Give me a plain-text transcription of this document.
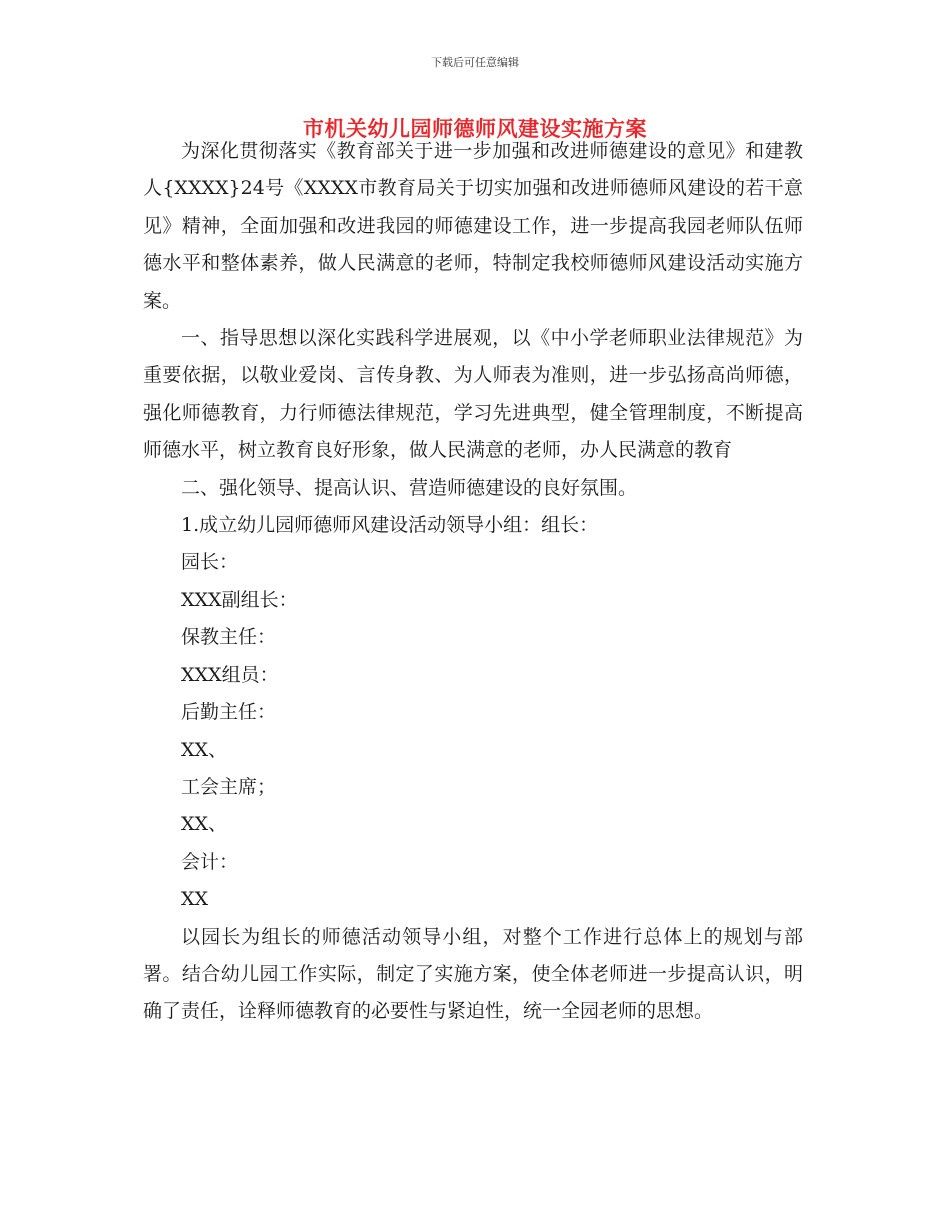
下载后可任意编辑
市机关幼儿园师德师风建设实施方案

为深化贯彻落实《教育部关于进一步加强和改进师德建设的意见》和建教人{XXXX}24号《XXXX市教育局关于切实加强和改进师德师风建设的若干意见》精神，全面加强和改进我园的师德建设工作，进一步提高我园老师队伍师德水平和整体素养，做人民满意的老师，特制定我校师德师风建设活动实施方案。

一、指导思想以深化实践科学进展观，以《中小学老师职业法律规范》为重要依据，以敬业爱岗、言传身教、为人师表为准则，进一步弘扬高尚师德，强化师德教育，力行师德法律规范，学习先进典型，健全管理制度，不断提高师德水平，树立教育良好形象，做人民满意的老师，办人民满意的教育

二、强化领导、提高认识、营造师德建设的良好氛围。

1.成立幼儿园师德师风建设活动领导小组：组长：

园长：

XXX副组长：

保教主任：

XXX组员：

后勤主任：

XX、

工会主席；

XX、

会计：

XX

以园长为组长的师德活动领导小组，对整个工作进行总体上的规划与部署。结合幼儿园工作实际，制定了实施方案，使全体老师进一步提高认识，明确了责任，诠释师德教育的必要性与紧迫性，统一全园老师的思想。
